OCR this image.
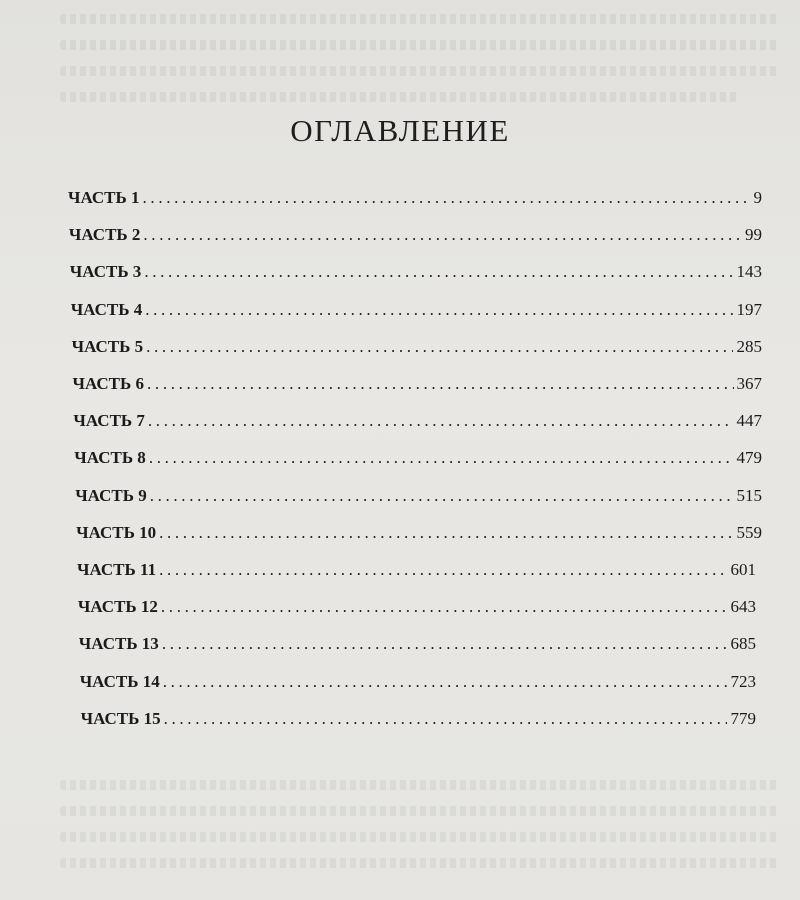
ОГЛАВЛЕНИЕ
ЧАСТЬ 1 . . .	9
ЧАСТЬ 2 . . .	99
ЧАСТЬ 3 . . .	143
ЧАСТЬ 4 . . .	197
ЧАСТЬ 5 . . .	285
ЧАСТЬ 6 . . .	367
ЧАСТЬ 7 . . .	447
ЧАСТЬ 8 . . .	479
ЧАСТЬ 9 . . .	515
ЧАСТЬ 10 . . .	559
ЧАСТЬ 11 . . .	601
ЧАСТЬ 12 . . .	643
ЧАСТЬ 13 . . .	685
ЧАСТЬ 14 . . .	723
ЧАСТЬ 15 . . .	779
